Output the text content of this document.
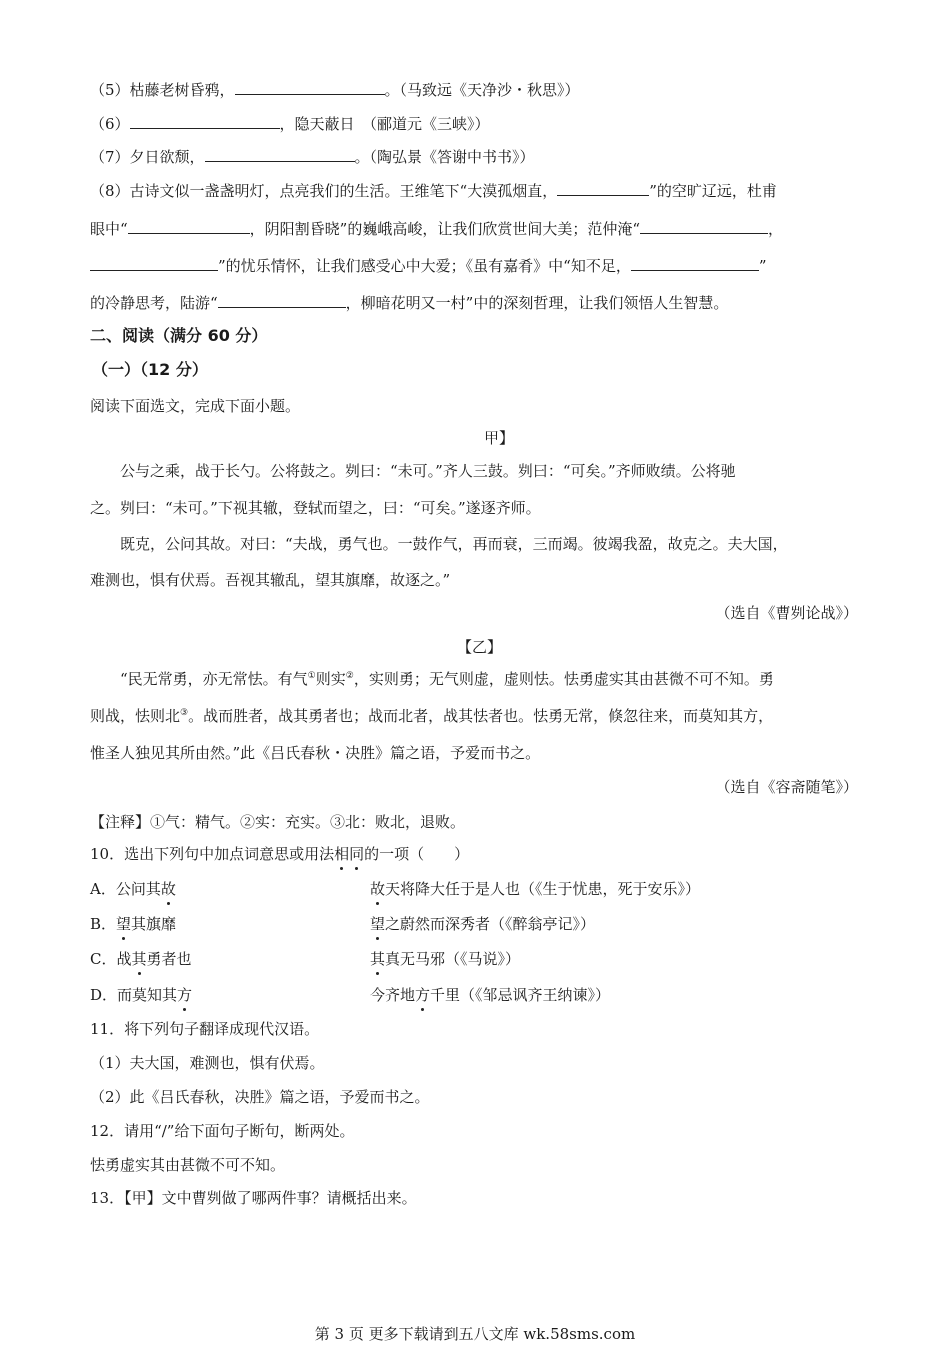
（5）枯藤老树昏鸦，	。（马致远《天净沙・秋思》）
（6）	，隐天蔽日　（郦道元《三峡》）
（7）夕日欲颓，	。（陶弘景《答谢中书书》）
（8）古诗文似一盏盏明灯，点亮我们的生活。王维笔下“大漠孤烟直，	”的空旷辽远，杜甫
眼中“	，阴阳割昏晓”的巍峨高峻，让我们欣赏世间大美；范仲淹“	，
”的忧乐情怀，让我们感受心中大爱；《虽有嘉肴》中“知不足，	”
的冷静思考，陆游“	，柳暗花明又一村”中的深刻哲理，让我们领悟人生智慧。
二、阅读（满分 60 分）
（一）（12 分）
阅读下面选文，完成下面小题。
甲】
公与之乘，战于长勺。公将鼓之。刿曰：“未可。”齐人三鼓。刿曰：“可矣。”齐师败绩。公将驰
之。刿曰：“未可。”下视其辙，登轼而望之，曰：“可矣。”遂逐齐师。
既克，公问其故。对曰：“夫战，勇气也。一鼓作气，再而衰，三而竭。彼竭我盈，故克之。夫大国，
难测也，惧有伏焉。吾视其辙乱，望其旗靡，故逐之。”
（选自《曹刿论战》）
【乙】
“民无常勇，亦无常怯。有气①则实②，实则勇；无气则虚，虚则怯。怯勇虚实其由甚微不可不知。勇
则战，怯则北③。战而胜者，战其勇者也；战而北者，战其怯者也。怯勇无常，倏忽往来，而莫知其方，
惟圣人独见其所由然。”此《吕氏春秋・决胜》篇之语，予爱而书之。
（选自《容斋随笔》）
【注释】①气：精气。②实：充实。③北：败北，退败。
10．选出下列句中加点词意思或用法相同的一项（　　）
A．公问其故	故天将降大任于是人也（《生于忧患，死于安乐》）
B．望其旗靡	望之蔚然而深秀者（《醉翁亭记》）
C．战其勇者也	其真无马邪（《马说》）
D．而莫知其方	今齐地方千里（《邹忌讽齐王纳谏》）
11．将下列句子翻译成现代汉语。
（1）夫大国，难测也，惧有伏焉。
（2）此《吕氏春秋，决胜》篇之语，予爱而书之。
12．请用“/”给下面句子断句，断两处。
怯勇虚实其由甚微不可不知。
13．【甲】文中曹刿做了哪两件事？请概括出来。
第 3 页 更多下载请到五八文库 wk.58sms.com
